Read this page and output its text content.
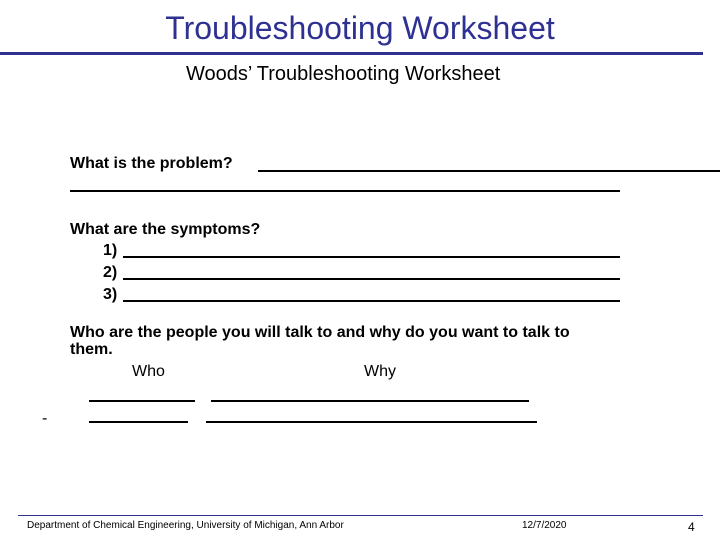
Troubleshooting Worksheet
Woods’ Troubleshooting Worksheet
What is the problem?
What are the symptoms?
1)
2)
3)
Who are the people you will talk to and why do you want to talk to
them.
Who	Why
-
Department of Chemical Engineering, University of Michigan, Ann Arbor	12/7/2020	4
